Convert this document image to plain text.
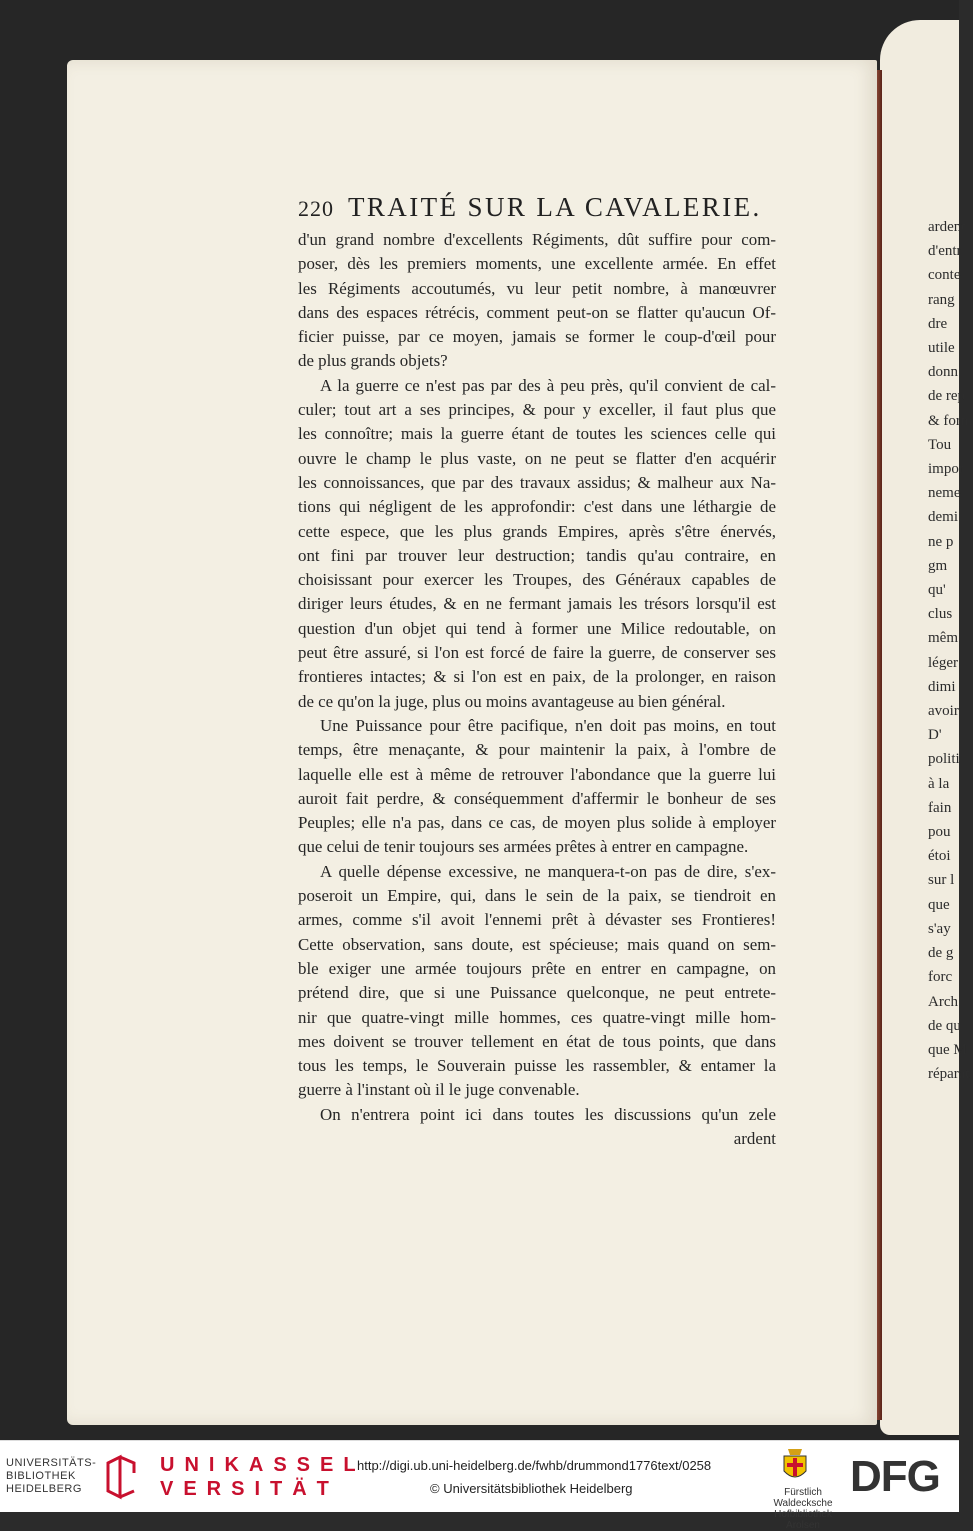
ardent
d'entr
conte
rang
dre
utile
donn
de rep
& form
Tou
impor
neme
demi
ne p
gm
qu'
clus
mêm
léger
dimi
avoir
D'
politi
à la
fain
pou
étoi
sur l
que
s'ay
de g
forc
Arch
de qu
que M
réparat
220 TRAITÉ SUR LA CAVALERIE.
d'un grand nombre d'excellents Régiments, dût suffire pour com-
poser, dès les premiers moments, une excellente armée. En effet
les Régiments accoutumés, vu leur petit nombre, à manœuvrer
dans des espaces rétrécis, comment peut-on se flatter qu'aucun Of-
ficier puisse, par ce moyen, jamais se former le coup-d'œil pour
de plus grands objets?
A la guerre ce n'est pas par des à peu près, qu'il convient de cal-
culer; tout art a ses principes, & pour y exceller, il faut plus que
les connoître; mais la guerre étant de toutes les sciences celle qui
ouvre le champ le plus vaste, on ne peut se flatter d'en acquérir
les connoissances, que par des travaux assidus; & malheur aux Na-
tions qui négligent de les approfondir: c'est dans une léthargie de
cette espece, que les plus grands Empires, après s'être énervés,
ont fini par trouver leur destruction; tandis qu'au contraire, en
choisissant pour exercer les Troupes, des Généraux capables de
diriger leurs études, & en ne fermant jamais les trésors lorsqu'il est
question d'un objet qui tend à former une Milice redoutable, on
peut être assuré, si l'on est forcé de faire la guerre, de conserver ses
frontieres intactes; & si l'on est en paix, de la prolonger, en raison
de ce qu'on la juge, plus ou moins avantageuse au bien général.
Une Puissance pour être pacifique, n'en doit pas moins, en tout
temps, être menaçante, & pour maintenir la paix, à l'ombre de
laquelle elle est à même de retrouver l'abondance que la guerre lui
auroit fait perdre, & conséquemment d'affermir le bonheur de ses
Peuples; elle n'a pas, dans ce cas, de moyen plus solide à employer
que celui de tenir toujours ses armées prêtes à entrer en campagne.
A quelle dépense excessive, ne manquera-t-on pas de dire, s'ex-
poseroit un Empire, qui, dans le sein de la paix, se tiendroit en
armes, comme s'il avoit l'ennemi prêt à dévaster ses Frontieres!
Cette observation, sans doute, est spécieuse; mais quand on sem-
ble exiger une armée toujours prête en entrer en campagne, on
prétend dire, que si une Puissance quelconque, ne peut entrete-
nir que quatre-vingt mille hommes, ces quatre-vingt mille hom-
mes doivent se trouver tellement en état de tous points, que dans
tous les temps, le Souverain puisse les rassembler, & entamer la
guerre à l'instant où il le juge convenable.
On n'entrera point ici dans toutes les discussions qu'un zele
ardent
UNIVERSITÄTS-
BIBLIOTHEK
HEIDELBERG
UNIKASSEL
VERSITÄT
http://digi.ub.uni-heidelberg.de/fwhb/drummond1776text/0258
© Universitätsbibliothek Heidelberg	Fürstlich Waldecksche
Hofbibliothek Arolsen
DFG
